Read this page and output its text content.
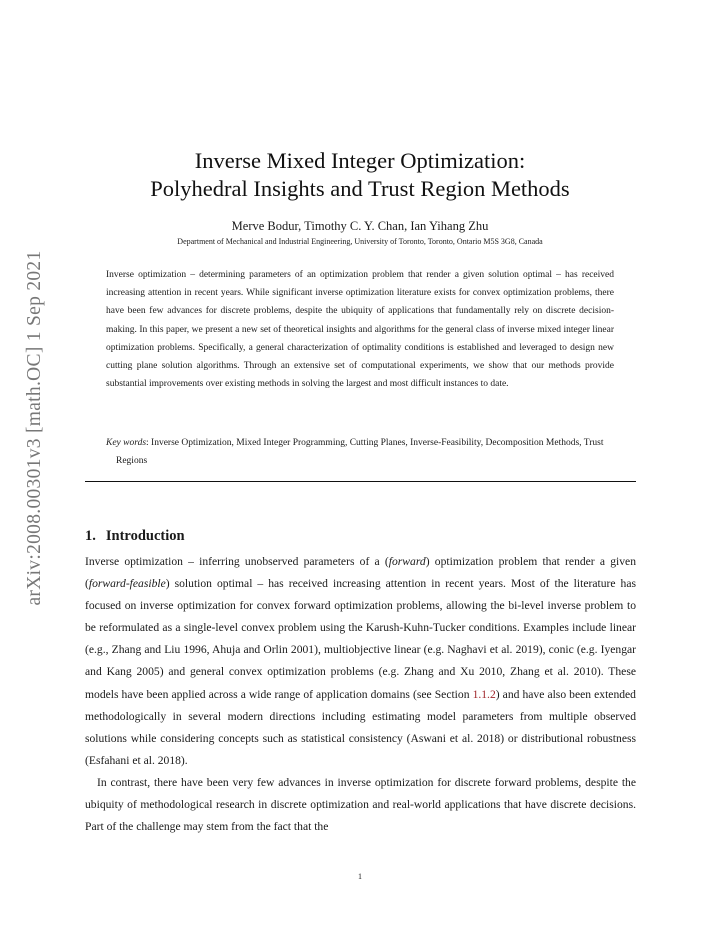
arXiv:2008.00301v3 [math.OC] 1 Sep 2021
Inverse Mixed Integer Optimization:
Polyhedral Insights and Trust Region Methods
Merve Bodur, Timothy C. Y. Chan, Ian Yihang Zhu
Department of Mechanical and Industrial Engineering, University of Toronto, Toronto, Ontario M5S 3G8, Canada
Inverse optimization – determining parameters of an optimization problem that render a given solution optimal – has received increasing attention in recent years. While significant inverse optimization literature exists for convex optimization problems, there have been few advances for discrete problems, despite the ubiquity of applications that fundamentally rely on discrete decision-making. In this paper, we present a new set of theoretical insights and algorithms for the general class of inverse mixed integer linear optimization problems. Specifically, a general characterization of optimality conditions is established and leveraged to design new cutting plane solution algorithms. Through an extensive set of computational experiments, we show that our methods provide substantial improvements over existing methods in solving the largest and most difficult instances to date.
Key words: Inverse Optimization, Mixed Integer Programming, Cutting Planes, Inverse-Feasibility, Decomposition Methods, Trust Regions
1. Introduction

Inverse optimization – inferring unobserved parameters of a (forward) optimization problem that render a given (forward-feasible) solution optimal – has received increasing attention in recent years. Most of the literature has focused on inverse optimization for convex forward optimization problems, allowing the bi-level inverse problem to be reformulated as a single-level convex problem using the Karush-Kuhn-Tucker conditions. Examples include linear (e.g., Zhang and Liu 1996, Ahuja and Orlin 2001), multiobjective linear (e.g. Naghavi et al. 2019), conic (e.g. Iyengar and Kang 2005) and general convex optimization problems (e.g. Zhang and Xu 2010, Zhang et al. 2010). These models have been applied across a wide range of application domains (see Section 1.1.2) and have also been extended methodologically in several modern directions including estimating model parameters from multiple observed solutions while considering concepts such as statistical consistency (Aswani et al. 2018) or distributional robustness (Esfahani et al. 2018).

In contrast, there have been very few advances in inverse optimization for discrete forward problems, despite the ubiquity of methodological research in discrete optimization and real-world applications that have discrete decisions. Part of the challenge may stem from the fact that the

1
